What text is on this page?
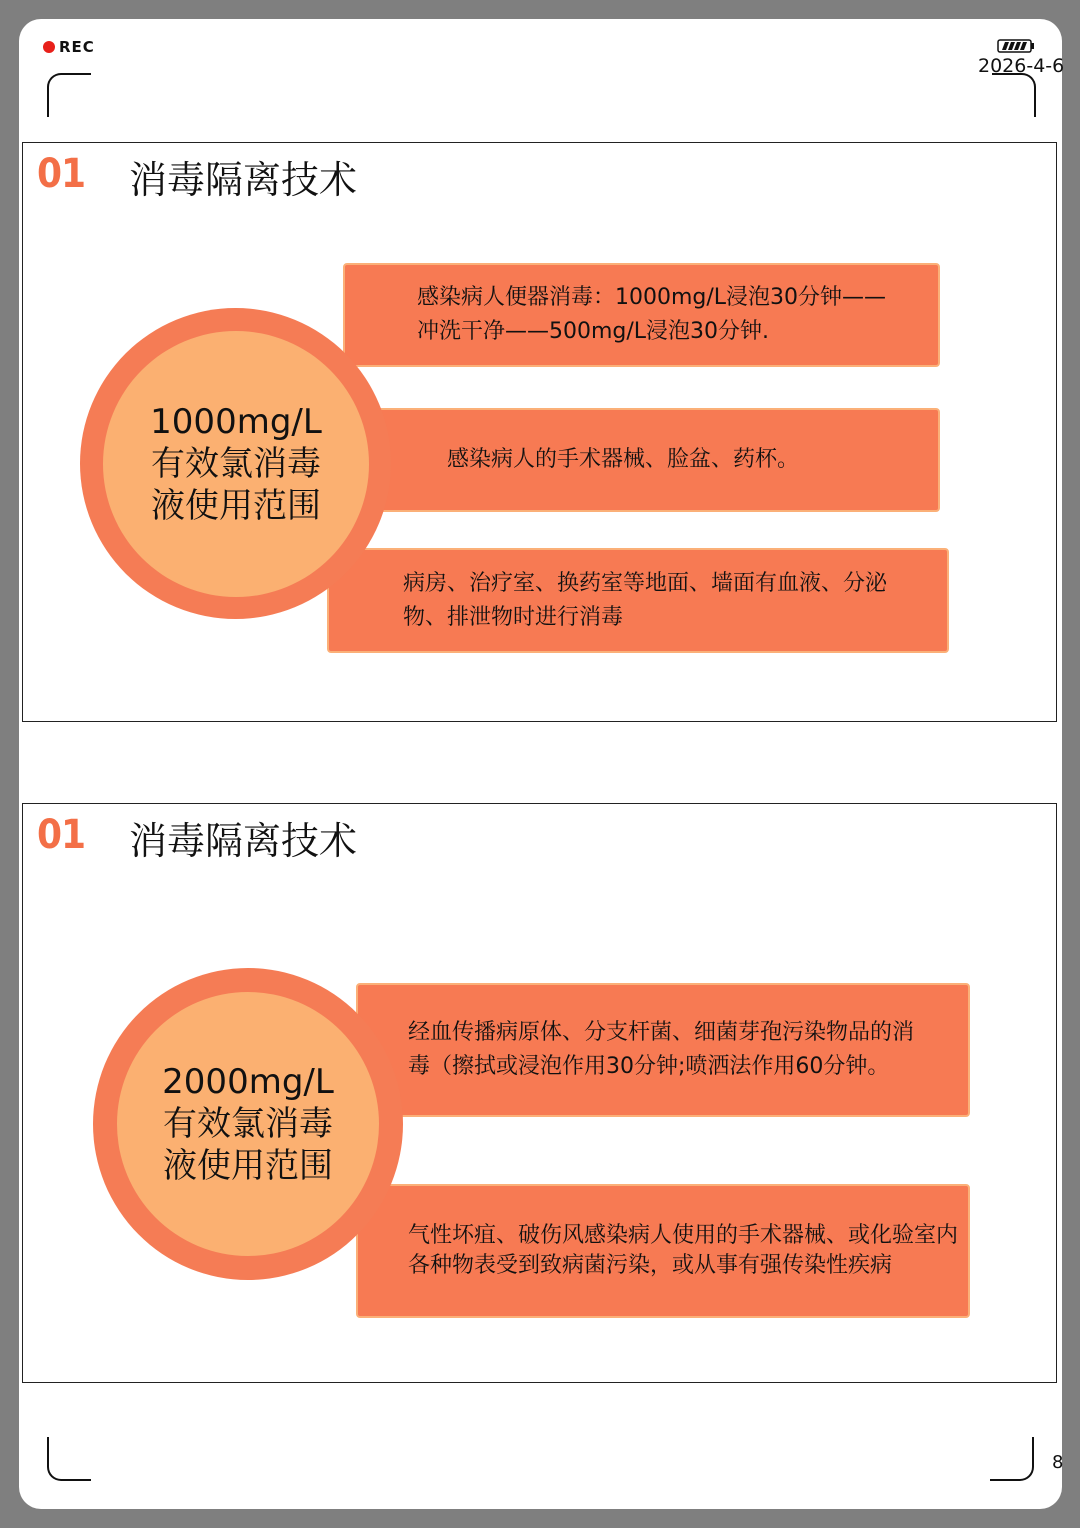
REC
2026-4-6
8
01 消毒隔离技术
感染病人便器消毒：1000mg/L浸泡30分钟——冲洗干净——500mg/L浸泡30分钟.
感染病人的手术器械、脸盆、药杯。
病房、治疗室、换药室等地面、墙面有血液、分泌物、排泄物时进行消毒
1000mg/L有效氯消毒液使用范围
01 消毒隔离技术
经血传播病原体、分支杆菌、细菌芽孢污染物品的消毒（擦拭或浸泡作用30分钟;喷洒法作用60分钟。
气性坏疽、破伤风感染病人使用的手术器械、或化验室内各种物表受到致病菌污染，或从事有强传染性疾病
2000mg/L有效氯消毒液使用范围
